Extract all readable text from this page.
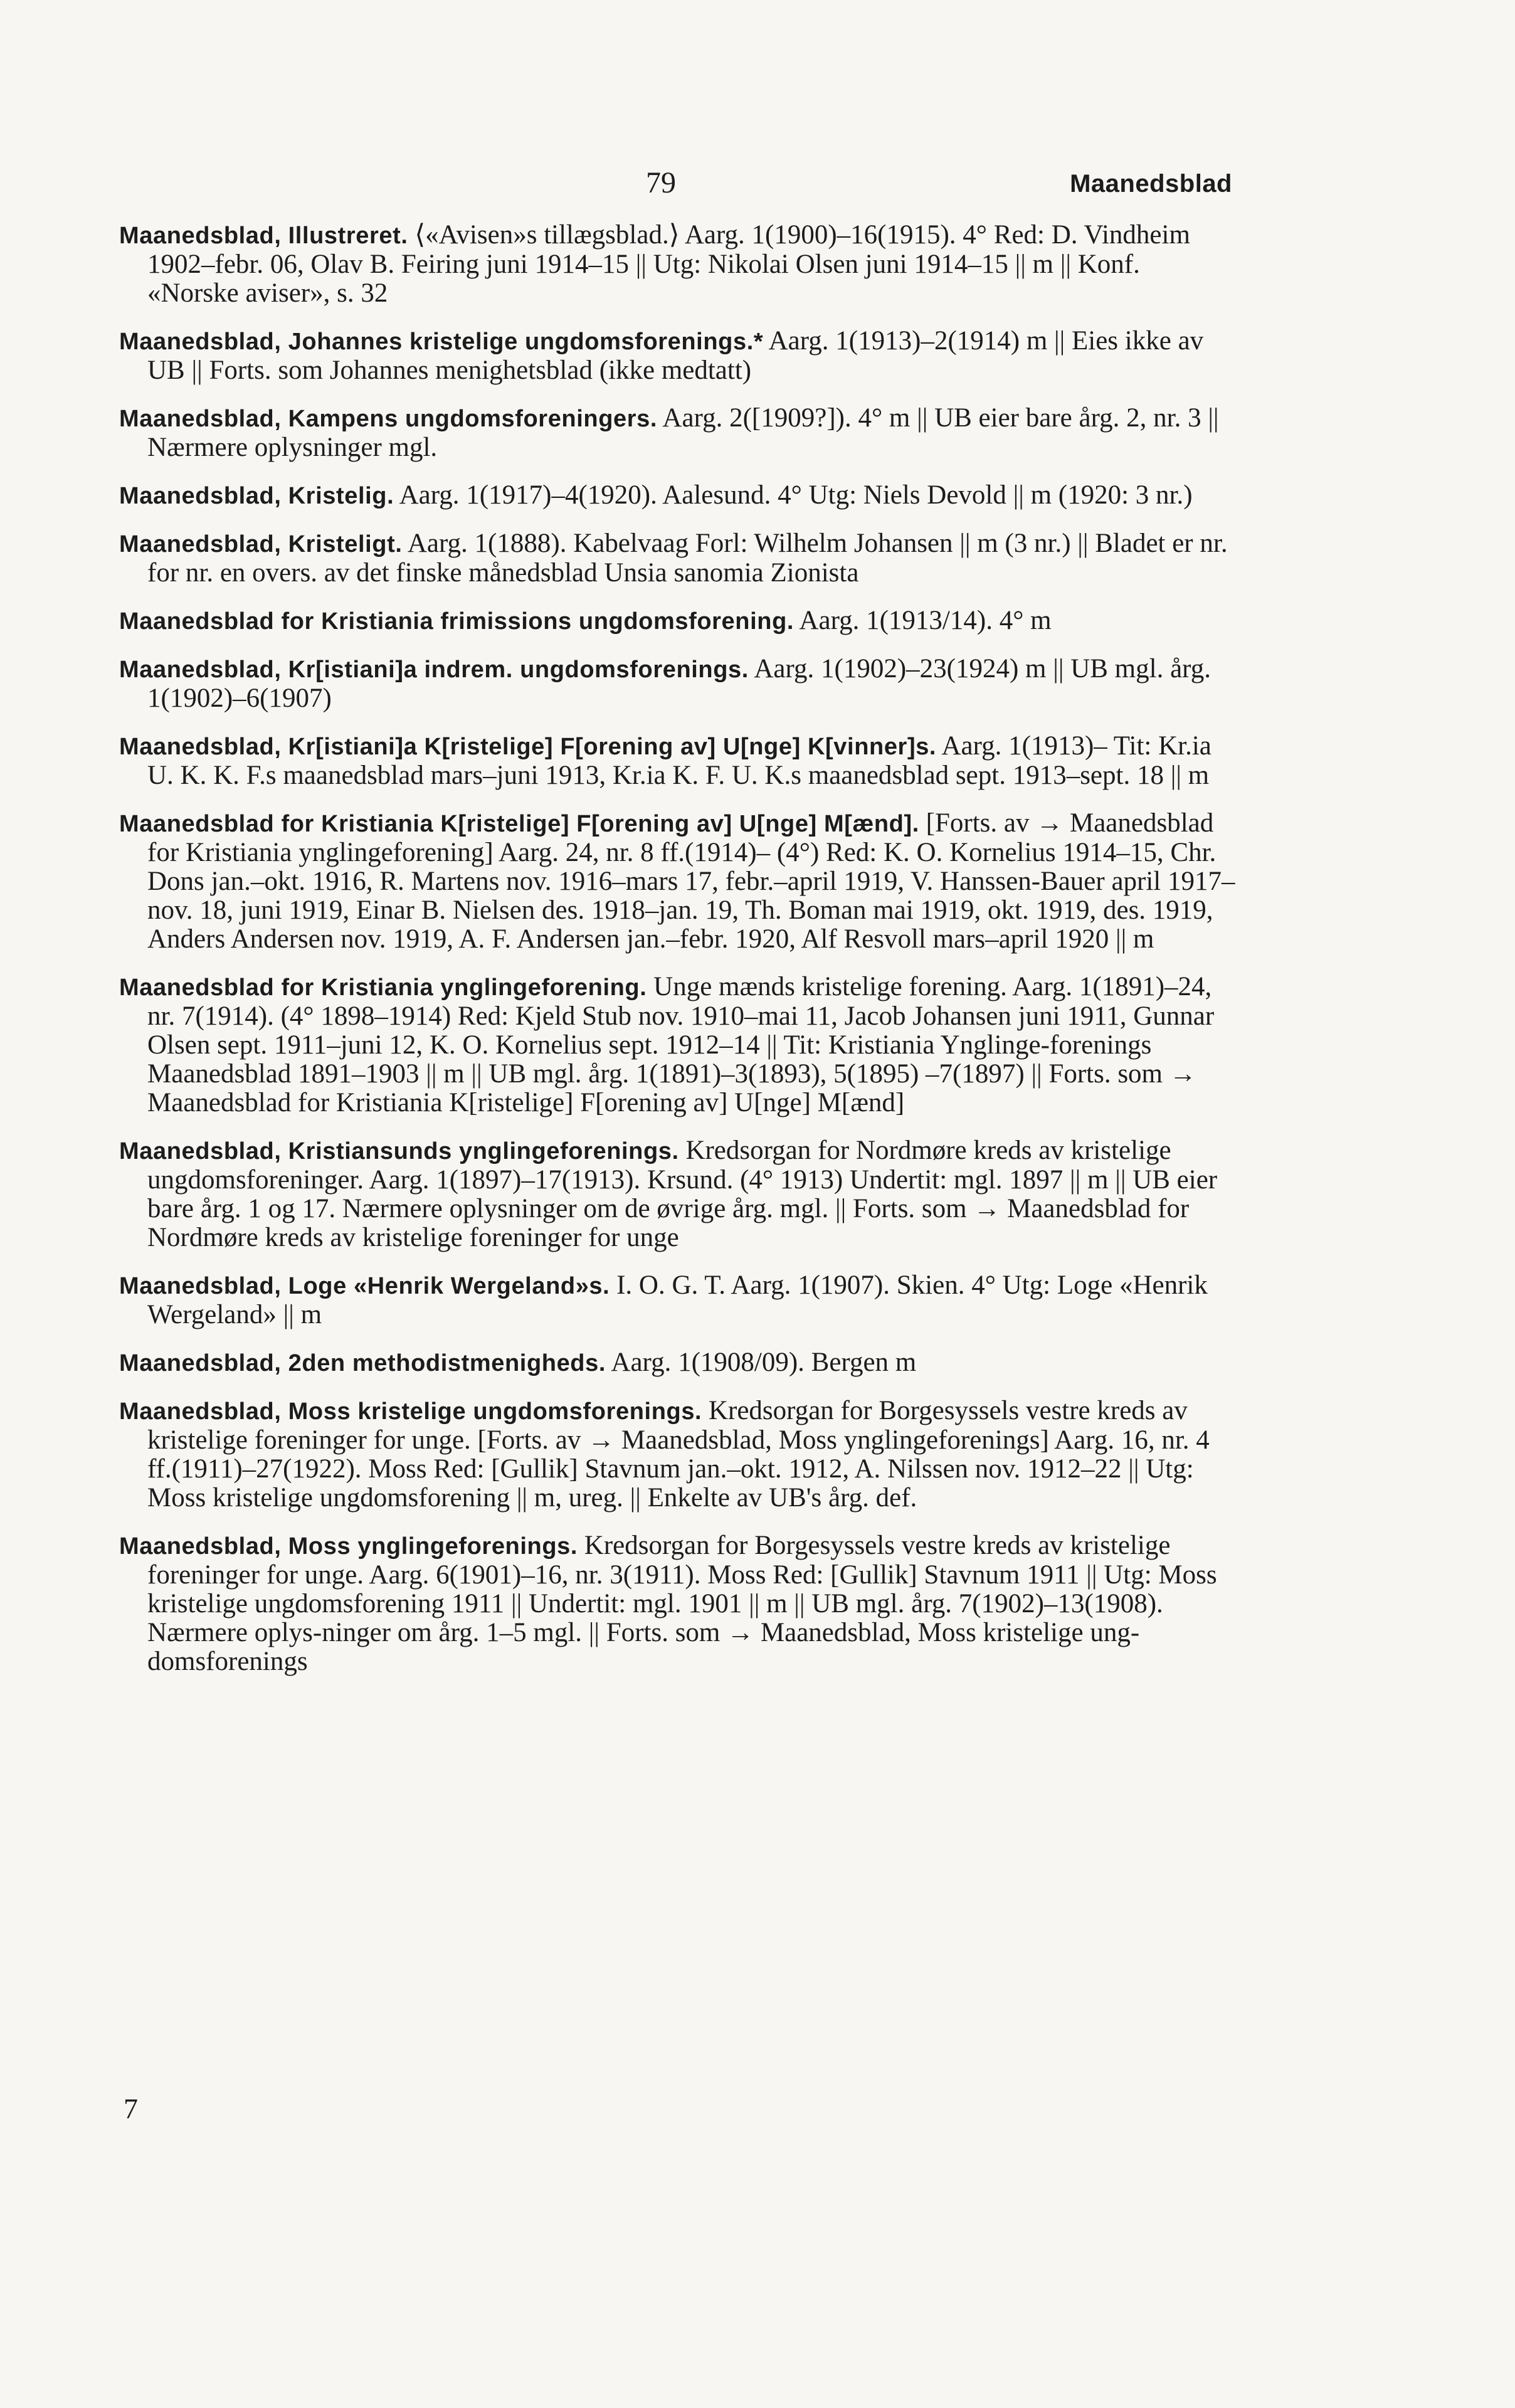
79	Maanedsblad

Maanedsblad, Illustreret. ⟨«Avisen»s tillægsblad.⟩ Aarg. 1(1900)–16(1915). 4° Red: D. Vindheim 1902–febr. 06, Olav B. Feiring juni 1914–15 || Utg: Nikolai Olsen juni 1914–15 || m || Konf. «Norske aviser», s. 32

Maanedsblad, Johannes kristelige ungdomsforenings.* Aarg. 1(1913)–2(1914) m || Eies ikke av UB || Forts. som Johannes menighetsblad (ikke medtatt)

Maanedsblad, Kampens ungdomsforeningers. Aarg. 2([1909?]). 4° m || UB eier bare årg. 2, nr. 3 || Nærmere oplysninger mgl.

Maanedsblad, Kristelig. Aarg. 1(1917)–4(1920). Aalesund. 4° Utg: Niels Devold || m (1920: 3 nr.)

Maanedsblad, Kristeligt. Aarg. 1(1888). Kabelvaag Forl: Wilhelm Johansen || m (3 nr.) || Bladet er nr. for nr. en overs. av det finske månedsblad Unsia sanomia Zionista

Maanedsblad for Kristiania frimissions ungdomsforening. Aarg. 1(1913/14). 4° m

Maanedsblad, Kr[istiani]a indrem. ungdomsforenings. Aarg. 1(1902)–23(1924) m || UB mgl. årg. 1(1902)–6(1907)

Maanedsblad, Kr[istiani]a K[ristelige] F[orening av] U[nge] K[vinner]s. Aarg. 1(1913)– Tit: Kr.ia U. K. K. F.s maanedsblad mars–juni 1913, Kr.ia K. F. U. K.s maanedsblad sept. 1913–sept. 18 || m

Maanedsblad for Kristiania K[ristelige] F[orening av] U[nge] M[ænd]. [Forts. av → Maanedsblad for Kristiania ynglingeforening] Aarg. 24, nr. 8 ff.(1914)– (4°) Red: K. O. Kornelius 1914–15, Chr. Dons jan.–okt. 1916, R. Martens nov. 1916–mars 17, febr.–april 1919, V. Hanssen-Bauer april 1917–nov. 18, juni 1919, Einar B. Nielsen des. 1918–jan. 19, Th. Boman mai 1919, okt. 1919, des. 1919, Anders Andersen nov. 1919, A. F. Andersen jan.–febr. 1920, Alf Resvoll mars–april 1920 || m

Maanedsblad for Kristiania ynglingeforening. Unge mænds kristelige forening. Aarg. 1(1891)–24, nr. 7(1914). (4° 1898–1914) Red: Kjeld Stub nov. 1910–mai 11, Jacob Johansen juni 1911, Gunnar Olsen sept. 1911–juni 12, K. O. Kornelius sept. 1912–14 || Tit: Kristiania Ynglinge-forenings Maanedsblad 1891–1903 || m || UB mgl. årg. 1(1891)–3(1893), 5(1895) –7(1897) || Forts. som → Maanedsblad for Kristiania K[ristelige] F[orening av] U[nge] M[ænd]

Maanedsblad, Kristiansunds ynglingeforenings. Kredsorgan for Nordmøre kreds av kristelige ungdomsforeninger. Aarg. 1(1897)–17(1913). Krsund. (4° 1913) Undertit: mgl. 1897 || m || UB eier bare årg. 1 og 17. Nærmere oplysninger om de øvrige årg. mgl. || Forts. som → Maanedsblad for Nordmøre kreds av kristelige foreninger for unge

Maanedsblad, Loge «Henrik Wergeland»s. I. O. G. T. Aarg. 1(1907). Skien. 4° Utg: Loge «Henrik Wergeland» || m

Maanedsblad, 2den methodistmenigheds. Aarg. 1(1908/09). Bergen m

Maanedsblad, Moss kristelige ungdomsforenings. Kredsorgan for Borgesyssels vestre kreds av kristelige foreninger for unge. [Forts. av → Maanedsblad, Moss ynglingeforenings] Aarg. 16, nr. 4 ff.(1911)–27(1922). Moss Red: [Gullik] Stavnum jan.–okt. 1912, A. Nilssen nov. 1912–22 || Utg: Moss kristelige ungdomsforening || m, ureg. || Enkelte av UB's årg. def.

Maanedsblad, Moss ynglingeforenings. Kredsorgan for Borgesyssels vestre kreds av kristelige foreninger for unge. Aarg. 6(1901)–16, nr. 3(1911). Moss Red: [Gullik] Stavnum 1911 || Utg: Moss kristelige ungdomsforening 1911 || Undertit: mgl. 1901 || m || UB mgl. årg. 7(1902)–13(1908). Nærmere oplys-ninger om årg. 1–5 mgl. || Forts. som → Maanedsblad, Moss kristelige ung-domsforenings

7
